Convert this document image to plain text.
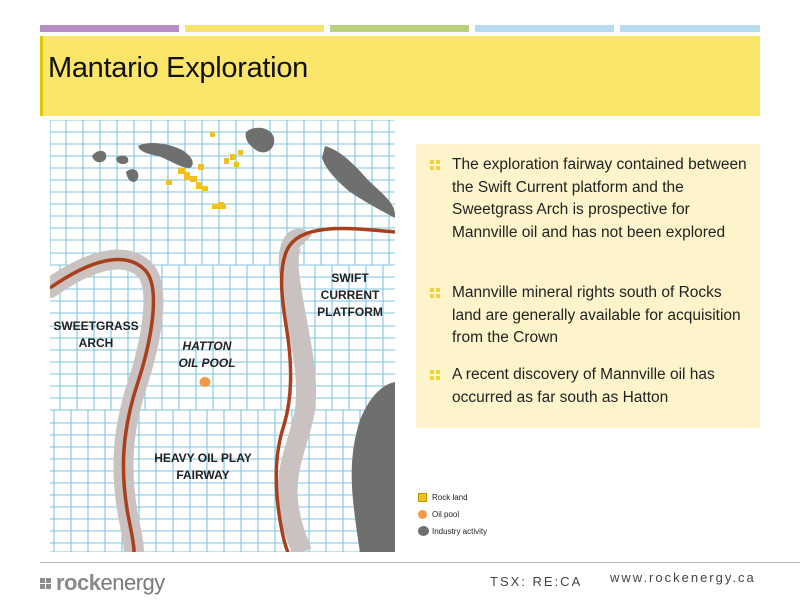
Mantario Exploration
SWEETGRASS
ARCH	HATTON
OIL POOL
SWIFT
CURRENT
PLATFORM
HEAVY OIL PLAY
FAIRWAY
The exploration fairway contained between the Swift Current platform and the Sweetgrass Arch is prospective for Mannville oil and has not been explored
Mannville mineral rights south of Rocks land are generally available for acquisition from the Crown
A recent discovery of Mannville oil has occurred as far south as Hatton
Rock land
Oil pool
Industry activity
rockenergy	TSX: RE:CA www.rockenergy.ca
